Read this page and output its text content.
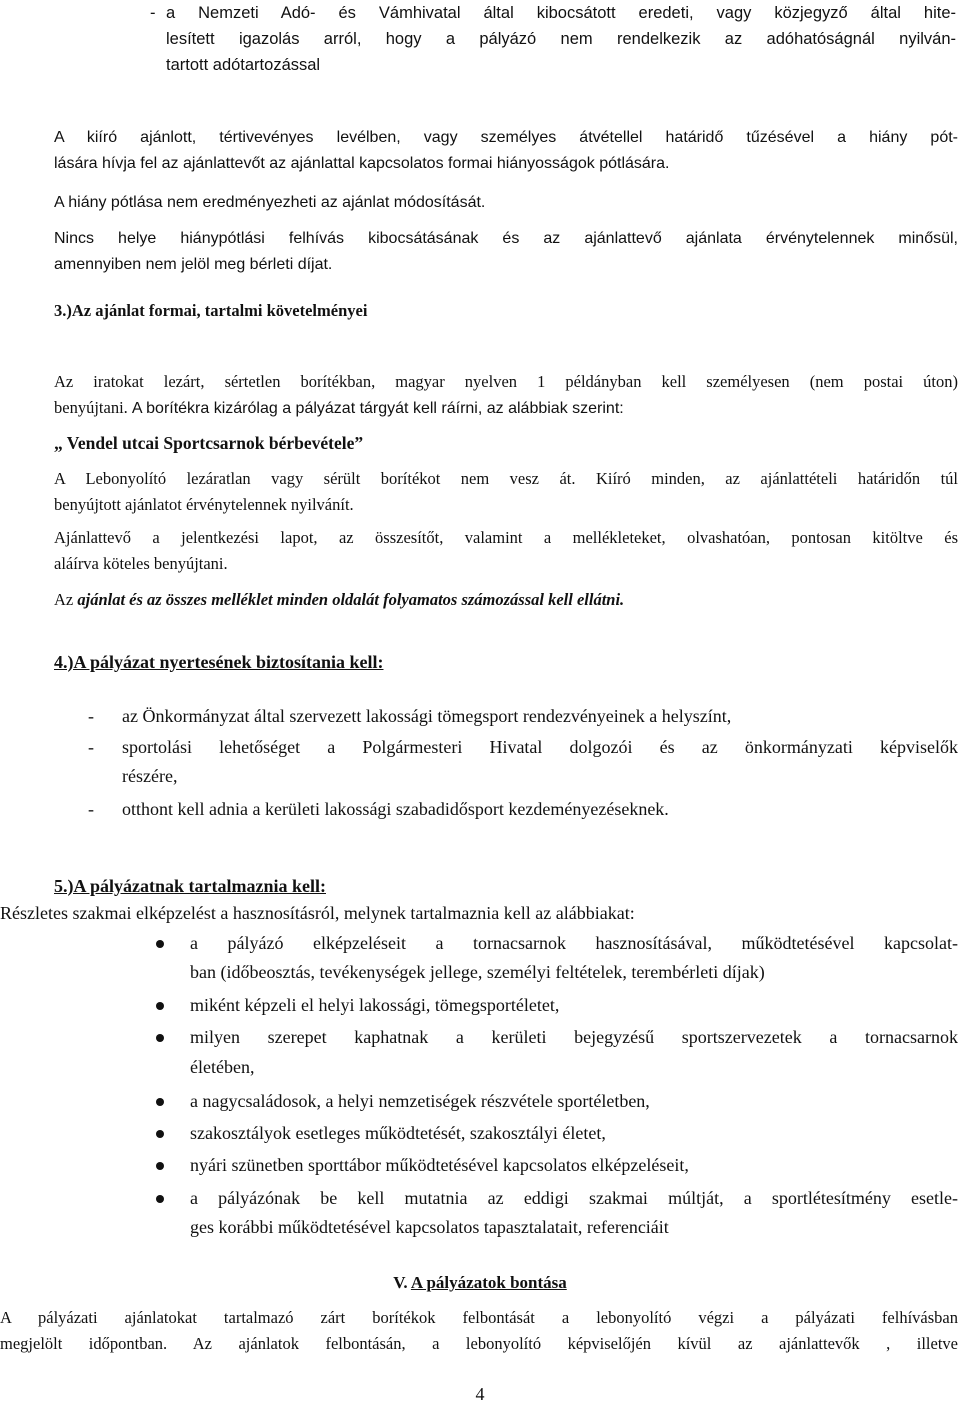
- a Nemzeti Adó- és Vámhivatal által kibocsátott eredeti, vagy közjegyző által hite-
lesített igazolás arról, hogy a pályázó nem rendelkezik az adóhatóságnál nyilván-
tartott adótartozással
A kiíró ajánlott, tértivevényes levélben, vagy személyes átvétellel határidő tűzésével a hiány pót-
lására hívja fel az ajánlattevőt az ajánlattal kapcsolatos formai hiányosságok pótlására.
A hiány pótlása nem eredményezheti az ajánlat módosítását.
Nincs helye hiánypótlási felhívás kibocsátásának és az ajánlattevő ajánlata érvénytelennek minősül,
amennyiben nem jelöl meg bérleti díjat.
3.)Az ajánlat formai, tartalmi követelményei
Az iratokat lezárt, sértetlen borítékban, magyar nyelven 1 példányban kell személyesen (nem postai úton)
benyújtani. A borítékra kizárólag a pályázat tárgyát kell ráírni, az alábbiak szerint:
„ Vendel utcai Sportcsarnok bérbevétele”
A Lebonyolító lezáratlan vagy sérült borítékot nem vesz át. Kiíró minden, az ajánlattételi határidőn túl
benyújtott ajánlatot érvénytelennek nyilvánít.
Ajánlattevő a jelentkezési lapot, az összesítőt, valamint a mellékleteket, olvashatóan, pontosan kitöltve és
aláírva köteles benyújtani.
Az ajánlat és az összes melléklet minden oldalát folyamatos számozással kell ellátni.
4.)A pályázat nyertesének biztosítania kell:
- az Önkormányzat által szervezett lakossági tömegsport rendezvényeinek a helyszínt,
- sportolási lehetőséget a Polgármesteri Hivatal dolgozói és az önkormányzati képviselők
részére,
- otthont kell adnia a kerületi lakossági szabadidősport kezdeményezéseknek.
5.)A pályázatnak tartalmaznia kell:
Részletes szakmai elképzelést a hasznosításról, melynek tartalmaznia kell az alábbiakat:
a pályázó elképzeléseit a tornacsarnok hasznosításával, működtetésével kapcsolat-
ban (időbeosztás, tevékenységek jellege, személyi feltételek, terembérleti díjak)
miként képzeli el helyi lakossági, tömegsportéletet,
milyen szerepet kaphatnak a kerületi bejegyzésű sportszervezetek a tornacsarnok
életében,
a nagycsaládosok, a helyi nemzetiségek részvétele sportéletben,
szakosztályok esetleges működtetését, szakosztályi életet,
nyári szünetben sporttábor működtetésével kapcsolatos elképzeléseit,
a pályázónak be kell mutatnia az eddigi szakmai múltját, a sportlétesítmény esetle-
ges korábbi működtetésével kapcsolatos tapasztalatait, referenciáit
V. A pályázatok bontása
A pályázati ajánlatokat tartalmazó zárt borítékok felbontását a lebonyolító végzi a pályázati felhívásban
megjelölt időpontban. Az ajánlatok felbontásán, a lebonyolító képviselőjén kívül az ajánlattevők , illetve
4
